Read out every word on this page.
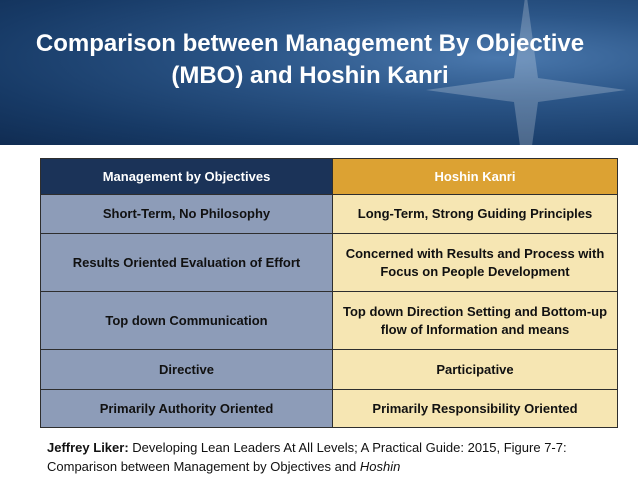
Comparison between Management By Objective (MBO) and Hoshin Kanri
Management by Objectives	Hoshin Kanri
Short-Term, No Philosophy	Long-Term, Strong Guiding Principles
Results Oriented Evaluation of Effort	Concerned with Results and Process with Focus on People Development
Top down Communication	Top down Direction Setting and Bottom-up flow of Information and means
Directive	Participative
Primarily Authority Oriented	Primarily Responsibility Oriented
Jeffrey Liker: Developing Lean Leaders At All Levels; A Practical Guide: 2015, Figure 7-7: Comparison between Management by Objectives and Hoshin
